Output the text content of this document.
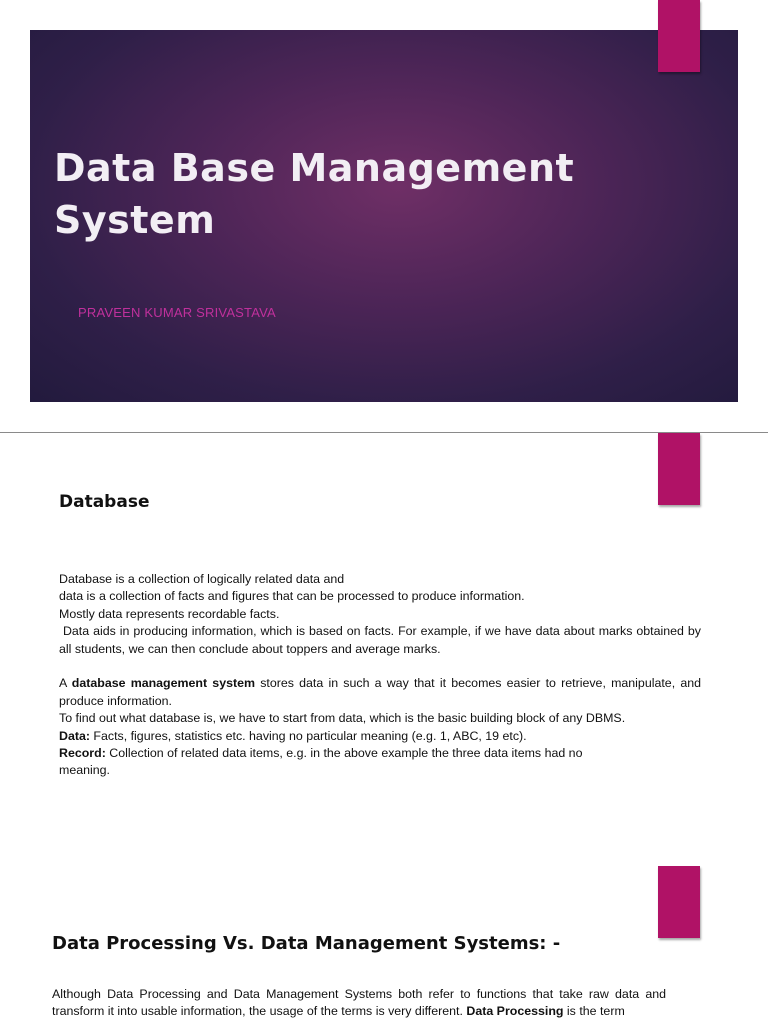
Data Base Management System
PRAVEEN KUMAR SRIVASTAVA
Database

Database is a collection of logically related data and

data is a collection of facts and figures that can be processed to produce information.

Mostly data represents recordable facts.

Data aids in producing information, which is based on facts. For example, if we have data about marks obtained by all students, we can then conclude about toppers and average marks.

A database management system stores data in such a way that it becomes easier to retrieve, manipulate, and produce information.

To find out what database is, we have to start from data, which is the basic building block of any DBMS.

Data: Facts, figures, statistics etc. having no particular meaning (e.g. 1, ABC, 19 etc).

Record: Collection of related data items, e.g. in the above example the three data items had no

meaning.

Data Processing Vs. Data Management Systems: -

Although Data Processing and Data Management Systems both refer to functions that take raw data and transform it into usable information, the usage of the terms is very different. Data Processing is the term
